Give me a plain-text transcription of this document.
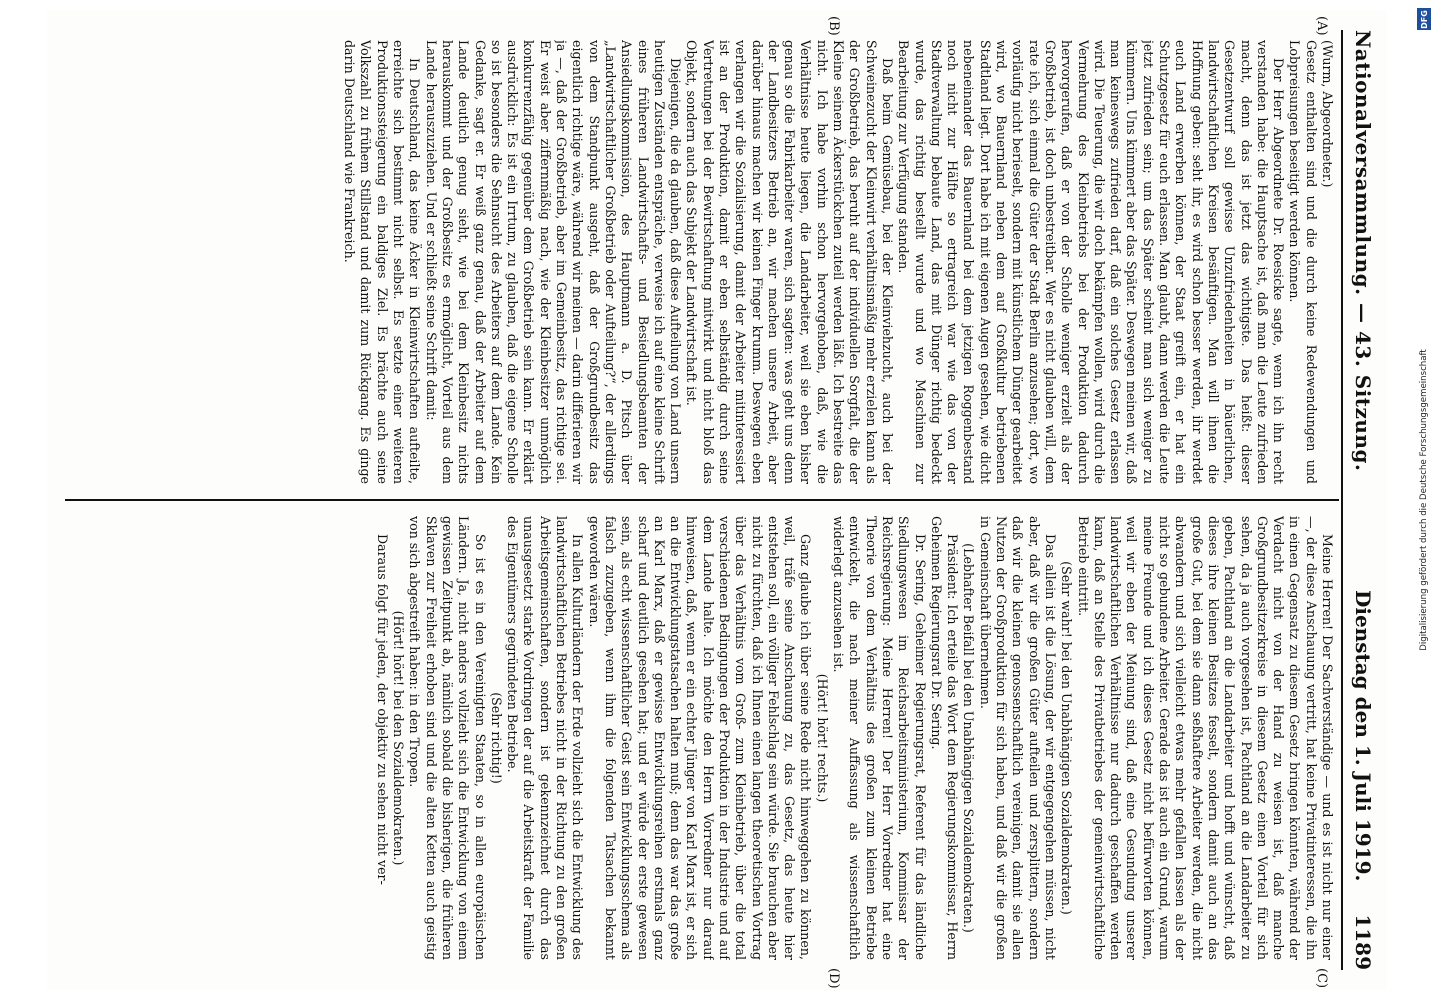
Nationalversammlung. — 43. Sitzung.
Dienstag den 1. Juli 1919.
1189
(A)
(B)
(C)
(D)

(Wurm, Abgeordneter.)

Gesetz enthalten sind und die durch keine Redewendungen und Lobpreisungen beseitigt werden können.

Der Herr Abgeordnete Dr. Roesicke sagte, wenn ich ihn recht verstanden habe: die Hauptsache ist, daß man die Leute zufrieden macht, denn das ist jetzt das wichtigste. Das heißt: dieser Gesetzentwurf soll gewisse Unzufriedenheiten in bäuerlichen, landwirtschaftlichen Kreisen besänftigen. Man will ihnen die Hoffnung geben: seht ihr, es wird schon besser werden, ihr werdet euch Land erwerben können, der Staat greift ein, er hat ein Schutzgesetz für euch erlassen. Man glaubt, dann werden die Leute jetzt zufrieden sein; um das Später scheint man sich weniger zu kümmern. Uns kümmert aber das Später. Deswegen meinen wir, daß man keineswegs zufrieden darf, daß ein solches Gesetz erlassen wird. Die Teuerung, die wir doch bekämpfen wollen, wird durch die Vermehrung des Kleinbetriebs bei der Produktion dadurch hervorgerufen, daß er von der Scholle weniger erzielt als der Großbetrieb, ist doch unbestreitbar. Wer es nicht glauben will, dem rate ich, sich einmal die Güter der Stadt Berlin anzusehen; dort, wo vorläufig nicht berieselt, sondern mit künstlichem Dünger gearbeitet wird, wo Bauernland neben dem auf Großkultur betriebenen Stadtland liegt. Dort habe ich mit eigenen Augen gesehen, wie dicht nebeneinander das Bauernland bei dem jetzigen Roggenbestand noch nicht zur Hälfte so ertragreich war wie das von der Stadtverwaltung bebaute Land, das mit Dünger richtig bedeckt wurde, das richtig bestellt wurde und wo Maschinen zur Bearbeitung zur Verfügung standen.

Daß beim Gemüsebau, bei der Kleinviehzucht, auch bei der Schweinezucht der Kleinwirt verhältnismäßig mehr erzielen kann als der Großbetrieb, das beruht auf der individuellen Sorgfalt, die der Kleine seinem Äckerstückchen zuteil werden läßt. Ich bestreite das nicht. Ich habe vorhin schon hervorgehoben, daß, wie die Verhältnisse heute liegen, die Landarbeiter, weil sie eben bisher genau so die Fabrikarbeiter waren, sich sagten: was geht uns denn der Landbesitzers Betrieb an, wir machen unsere Arbeit, aber darüber hinaus machen wir keinen Finger krumm. Deswegen eben verlangen wir die Sozialisierung, damit der Arbeiter mitinteressiert ist an der Produktion, damit er eben selbständig durch seine Vertretungen bei der Bewirtschaftung mitwirkt und nicht bloß das Objekt, sondern auch das Subjekt der Landwirtschaft ist.

Diejenigen, die da glauben, daß diese Aufteilung von Land unsern heutigen Zuständen entspräche, verweise ich auf eine kleine Schrift eines früheren Landwirtschafts- und Besiedlungsbeamten der Ansiedlungskommission, des Hauptmann a. D. Pitsch über „Landwirtschaftlicher Großbetrieb oder Aufteilung?“, der allerdings von dem Standpunkt ausgeht, daß der Großgrundbesitz das eigentlich richtige wäre, während wir meinen — darin differieren wir ja —, daß der Großbetrieb, aber im Gemeinbesitz, das richtige sei. Er weist aber ziffernmäßig nach, wie der Kleinbesitzer unmöglich konkurrenzfähig gegenüber dem Großbetrieb sein kann. Er erklärt ausdrücklich: Es ist ein Irrtum, zu glauben, daß die eigene Scholle so ist besonders die Sehnsucht des Arbeiters auf dem Lande. Kein Gedanke, sagt er. Er weiß ganz genau, daß der Arbeiter auf dem Lande deutlich genug sieht, wie bei dem Kleinbesitz nichts herauskommt und der Großbesitz es ermöglicht, Vorteil aus dem Lande herauszuziehen. Und er schließt seine Schrift damit:

In Deutschland, das keine Äcker in Kleinwirtschaften aufteilte, erreichte sich bestimmt nicht selbst. Es setzte einer weiteren Produktionssteigerung ein baldiges Ziel. Es brächte auch seine Volkszahl zu frühem Stillstand und damit zum Rückgang. Es ginge darin Deutschland wie Frankreich.

Meine Herren! Der Sachverständige — und es ist nicht nur einer —, der diese Anschauung vertritt, hat keine Privatinteressen, die ihn in einen Gegensatz zu diesem Gesetz bringen könnten, während der Verdacht nicht von der Hand zu weisen ist, daß manche Großgrundbesitzerkreise in diesem Gesetz einen Vorteil für sich sehen, da ja auch vorgesehen ist, Pachtland an die Landarbeiter zu geben, Pachtland an die Landarbeiter und hofft und wünscht, daß dieses ihre kleinen Besitzes fesselt, sondern damit auch an das große Gut, bei dem sie dann seßhaftere Arbeiter werden, die nicht abwandern und sich vielleicht etwas mehr gefallen lassen als der nicht so gebundene Arbeiter. Gerade das ist auch ein Grund, warum meine Freunde und ich dieses Gesetz nicht befürworten können, weil wir eben der Meinung sind, daß eine Gesundung unserer landwirtschaftlichen Verhältnisse nur dadurch geschaffen werden kann, daß an Stelle des Privatbetriebes der gemeinwirtschaftliche Betrieb eintritt.

(Sehr wahr! bei den Unabhängigen Sozialdemokraten.)

Das allein ist die Lösung, der wir entgegengehen müssen, nicht aber, daß wir die großen Güter aufteilen und zersplittern, sondern daß wir die kleinen genossenschaftlich vereinigen, damit sie allen Nutzen der Großproduktion für sich haben, und daß wir die großen in Gemeinschaft übernehmen.

(Lebhafter Beifall bei den Unabhängigen Sozialdemokraten.)

Präsident: Ich erteile das Wort dem Regierungskommissar, Herrn Geheimen Regierungsrat Dr. Sering.

Dr. Sering, Geheimer Regierungsrat, Referent für das ländliche Siedlungswesen im Reichsarbeitsministerium, Kommissar der Reichsregierung: Meine Herren! Der Herr Vorredner hat eine Theorie von dem Verhältnis des großen zum kleinen Betriebe entwickelt, die nach meiner Auffassung als wissenschaftlich widerlegt anzusehen ist.

(Hört! hört! rechts.)

Ganz glaube ich über seine Rede nicht hinweggehen zu können, weil, träfe seine Anschauung zu, das Gesetz, das heute hier entstehen soll, ein völliger Fehlschlag sein würde. Sie brauchen aber nicht zu fürchten, daß ich Ihnen einen langen theoretischen Vortrag über das Verhältnis vom Groß- zum Kleinbetrieb, über die total verschiedenen Bedingungen der Produktion in der Industrie und auf dem Lande halte. Ich möchte den Herrn Vorredner nur darauf hinweisen, daß, wenn er ein echter Jünger von Karl Marx ist, er sich an die Entwicklungstatsachen halten muß; denn das war das große an Karl Marx, daß er gewisse Entwicklungsreihen erstmals ganz scharf und deutlich gesehen hat; und er würde der erste gewesen sein, als echt wissenschaftlicher Geist sein Entwicklungsschema als falsch zuzugeben, wenn ihm die folgenden Tatsachen bekannt geworden wären.

In allen Kulturländern der Erde vollzieht sich die Entwicklung des landwirtschaftlichen Betriebes nicht in der Richtung zu den großen Arbeitsgemeinschaften, sondern ist gekennzeichnet durch das unausgesetzt starke Vordringen der auf die Arbeitskraft der Familie des Eigentümers gegründeten Betriebe.

(Sehr richtig!)

So ist es in den Vereinigten Staaten, so in allen europäischen Ländern. Ja, nicht anders vollzieht sich die Entwicklung von einem gewissen Zeitpunkt ab, nämlich sobald die bisherigen, die früheren Sklaven zur Freiheit erhoben sind und die alten Ketten auch geistig von sich abgestreift haben: in den Tropen.

(Hört! hört! bei den Sozialdemokraten.)

Daraus folgt für jeden, der objektiv zu sehen nicht ver-

DFG
Digitalisierung gefördert durch die Deutsche Forschungsgemeinschaft
